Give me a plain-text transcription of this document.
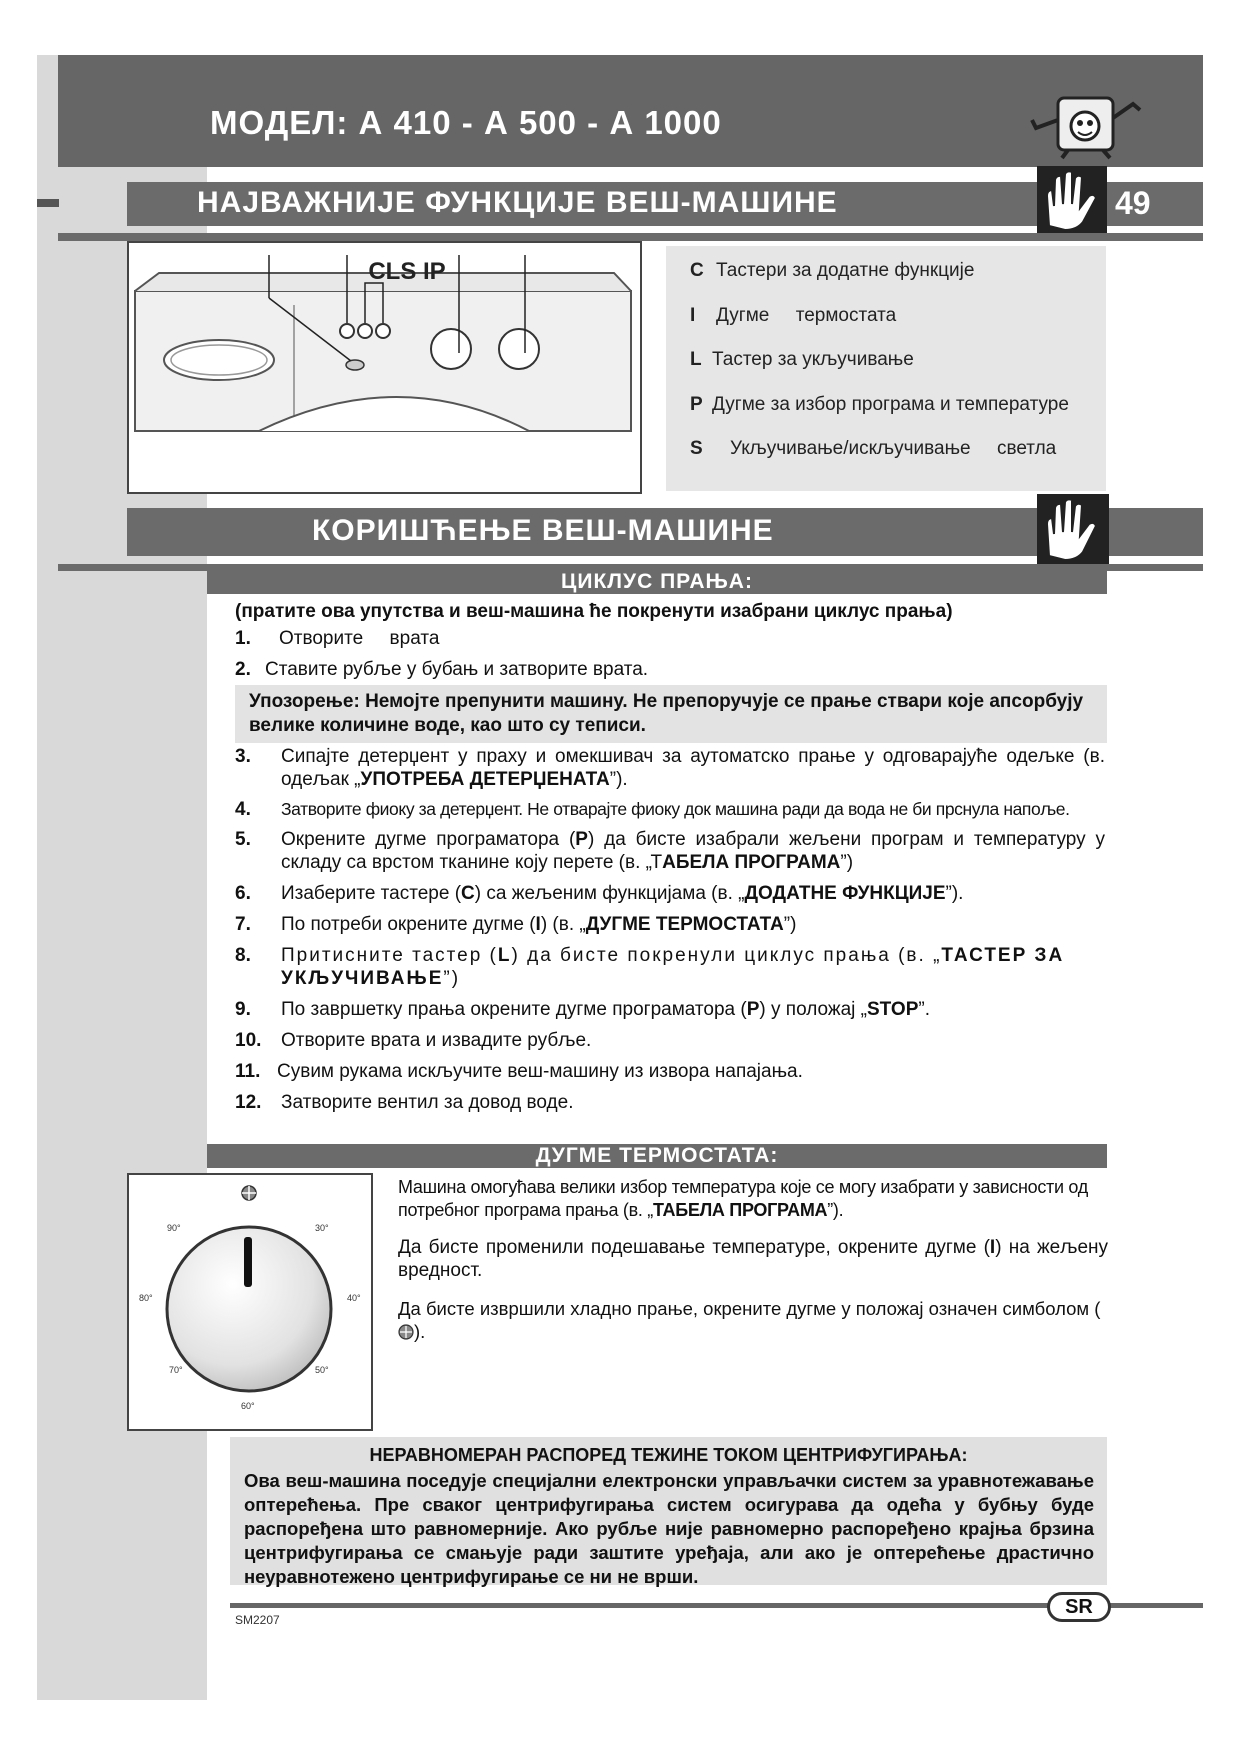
МОДЕЛ: А 410 - А 500 - А 1000
НАЈВАЖНИЈЕ ФУНКЦИЈЕ ВЕШ-МАШИНЕ	49
CLS IP	C Тастери за додатне функције
I Дугме     термостата
L Тастер за укључивање
P Дугме за избор програма и температуре
S Укључивање/искључивање     светла
КОРИШЋЕЊЕ ВЕШ-МАШИНЕ
ЦИКЛУС ПРАЊА:
(пратите ова упутства и веш-машина ће покренути изабрани циклус прања)
1. Отворите     врата
2. Ставите рубље у бубањ и затворите врата.
Упозорење: Немојте препунити машину. Не препоручује се прање ствари које апсорбују велике количине воде, као што су теписи.
3. Сипајте детерџент у праху и омекшивач за аутоматско прање у одговарајуће одељке (в. одељак „УПОТРЕБА ДЕТЕРЏЕНАТА”).
4. Затворите фиоку за детерџент. Не отварајте фиоку док машина ради да вода не би прснула напоље.
5. Окрените дугме програматора (P) да бисте изабрали жељени програм и температуру у складу са врстом тканине коју перете (в. „ТАБЕЛА ПРОГРАМА”)
6. Изаберите тастере (C) са жељеним функцијама (в. „ДОДАТНЕ ФУНКЦИЈЕ”).
7. По потреби окрените дугме (I) (в. „ДУГМЕ ТЕРМОСТАТА”)
8. Притисните тастер (L) да бисте покренули циклус прања (в. „ТАСТЕР ЗА УКЉУЧИВАЊЕ”)
9. По завршетку прања окрените дугме програматора (P) у положај „STOP”.
10. Отворите врата и извадите рубље.
11. Сувим рукама искључите веш-машину из извора напајања.
12. Затворите вентил за довод воде.
ДУГМЕ ТЕРМОСТАТА:
90°	30°
80°	40°
70°	50°
60°
Машина омогућава велики избор температура које се могу изабрати у зависности од потребног програма прања (в. „ТАБЕЛА ПРОГРАМА”).
Да бисте променили подешавање температуре, окрените дугме (I) на жељену вредност.
Да бисте извршили хладно прање, окрените дугме у положај означен симболом ().
НЕРАВНОМЕРАН РАСПОРЕД ТЕЖИНЕ ТОКОМ ЦЕНТРИФУГИРАЊА:
Ова веш-машина поседује специјални електронски управљачки систем за уравнотежавање оптерећења. Пре сваког центрифугирања систем осигурава да одећа у бубњу буде распоређена што равномерније. Ако рубље није равномерно распоређено крајња брзина центрифугирања се смањује ради заштите уређаја, али ако је оптерећење драстично неуравнотежено центрифугирање се ни не врши.
SR
SM2207
